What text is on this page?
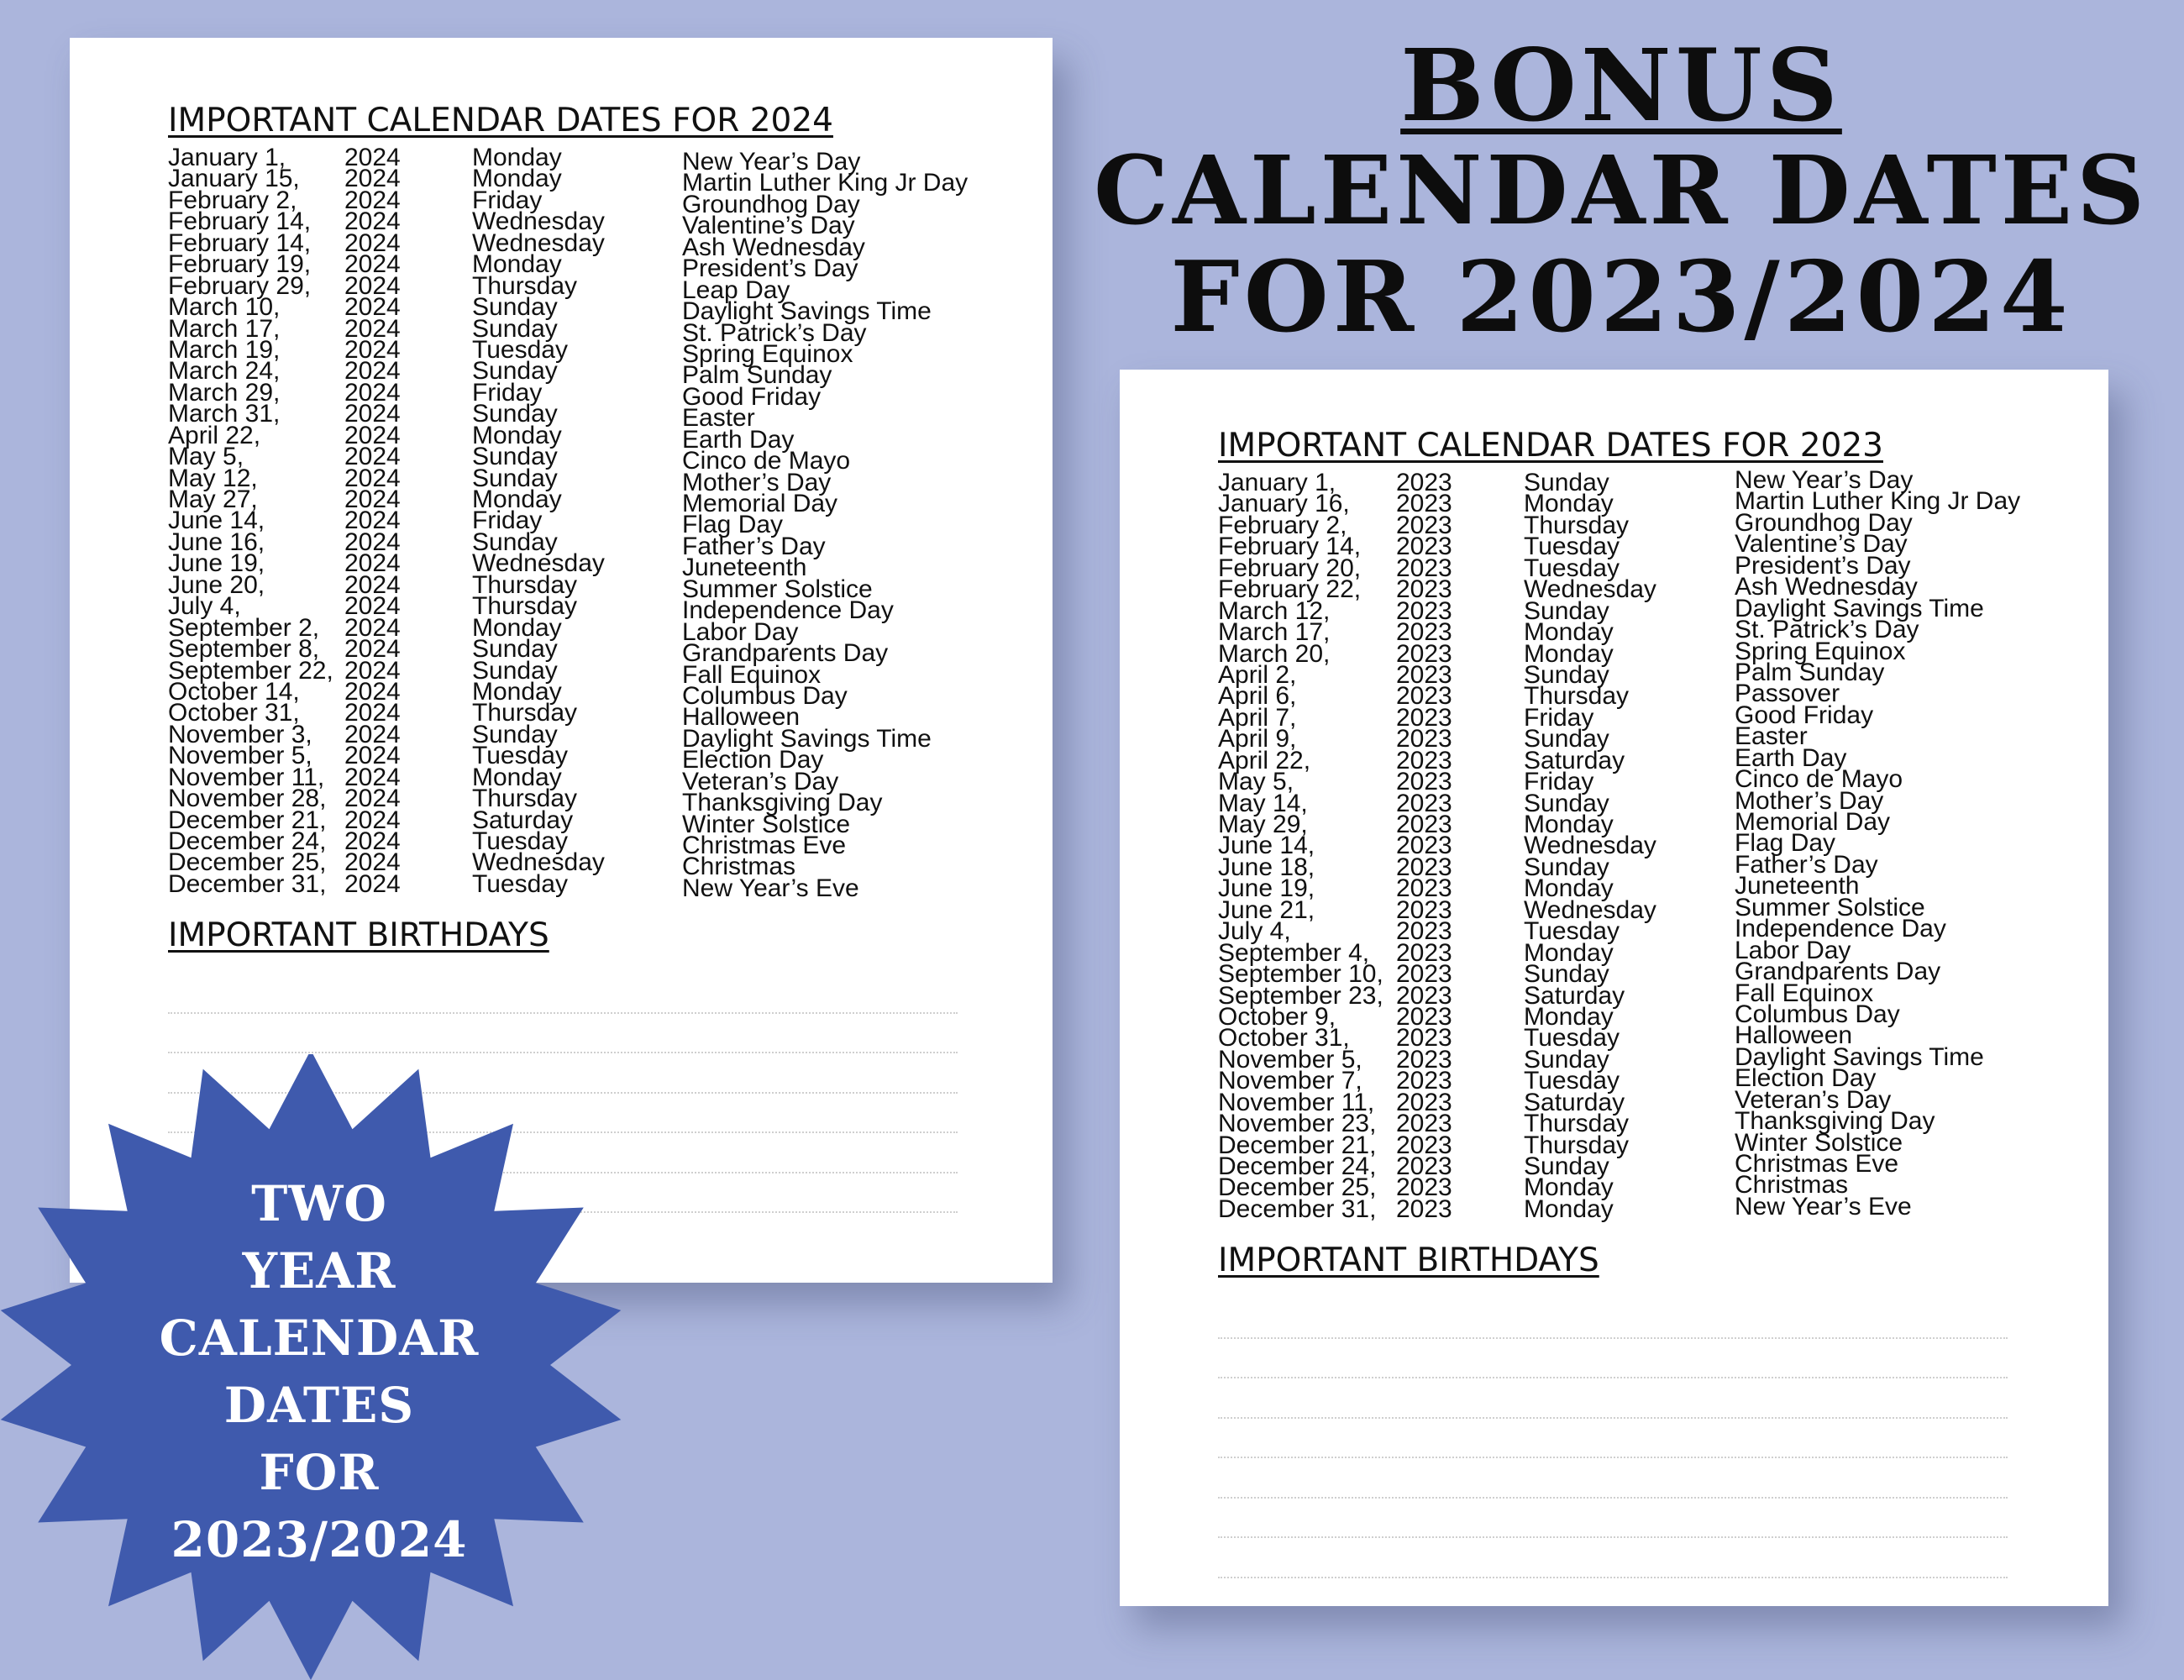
IMPORTANT CALENDAR DATES FOR 2024
January 1, 2024	Monday	New Year’s Day
January 15, 2024	Monday	Martin Luther King Jr Day
February 2, 2024	Friday	Groundhog Day
February 14, 2024	Wednesday	Valentine’s Day
February 14, 2024	Wednesday	Ash Wednesday
February 19, 2024	Monday	President’s Day
February 29, 2024	Thursday	Leap Day
March 10,	2024	Sunday	Daylight Savings Time
March 17,	2024	Sunday	St. Patrick’s Day
March 19,	2024	Tuesday	Spring Equinox
March 24,	2024	Sunday	Palm Sunday
March 29,	2024	Friday	Good Friday
March 31,	2024	Sunday	Easter
April 22,	2024	Monday	Earth Day
May 5,	2024	Sunday	Cinco de Mayo
May 12,	2024	Sunday	Mother’s Day
May 27,	2024	Monday	Memorial Day
June 14,	2024	Friday	Flag Day
June 16,	2024	Sunday	Father’s Day
June 19,	2024	Wednesday	Juneteenth
June 20,	2024	Thursday	Summer Solstice
July 4,	2024	Thursday	Independence Day
September 2, 2024	Monday	Labor Day
September 8, 2024	Sunday	Grandparents Day
September 22, 2024	Sunday	Fall Equinox
October 14, 2024	Monday	Columbus Day
October 31, 2024	Thursday	Halloween
November 3, 2024	Sunday	Daylight Savings Time
November 5, 2024	Tuesday	Election Day
November 11, 2024	Monday	Veteran’s Day
November 28, 2024	Thursday	Thanksgiving Day
December 21, 2024	Saturday	Winter Solstice
December 24, 2024	Tuesday	Christmas Eve
December 25, 2024	Wednesday	Christmas
December 31, 2024	Tuesday	New Year’s Eve
IMPORTANT BIRTHDAYS
BONUS
CALENDAR DATES
FOR 2023/2024
IMPORTANT CALENDAR DATES FOR 2023
January 1, 2023	Sunday	New Year’s Day
January 16, 2023	Monday	Martin Luther King Jr Day
February 2, 2023	Thursday	Groundhog Day
February 14, 2023	Tuesday	Valentine’s Day
February 20, 2023	Tuesday	President’s Day
February 22, 2023	Wednesday	Ash Wednesday
March 12,	2023	Sunday	Daylight Savings Time
March 17,	2023	Monday	St. Patrick’s Day
March 20,	2023	Monday	Spring Equinox
April 2,	2023	Sunday	Palm Sunday
April 6,	2023	Thursday	Passover
April 7,	2023	Friday	Good Friday
April 9,	2023	Sunday	Easter
April 22,	2023	Saturday	Earth Day
May 5,	2023	Friday	Cinco de Mayo
May 14,	2023	Sunday	Mother’s Day
May 29,	2023	Monday	Memorial Day
June 14,	2023	Wednesday	Flag Day
June 18,	2023	Sunday	Father’s Day
June 19,	2023	Monday	Juneteenth
June 21,	2023	Wednesday	Summer Solstice
July 4,	2023	Tuesday	Independence Day
September 4, 2023	Monday	Labor Day
September 10, 2023	Sunday	Grandparents Day
September 23, 2023	Saturday	Fall Equinox
October 9, 2023	Monday	Columbus Day
October 31, 2023	Tuesday	Halloween
November 5, 2023	Sunday	Daylight Savings Time
November 7, 2023	Tuesday	Election Day
November 11, 2023	Saturday	Veteran’s Day
November 23, 2023	Thursday	Thanksgiving Day
December 21, 2023	Thursday	Winter Solstice
December 24, 2023	Sunday	Christmas Eve
December 25, 2023	Monday	Christmas
December 31, 2023	Monday	New Year’s Eve
IMPORTANT BIRTHDAYS
TWO
YEAR
CALENDAR
DATES
FOR
2023/2024
